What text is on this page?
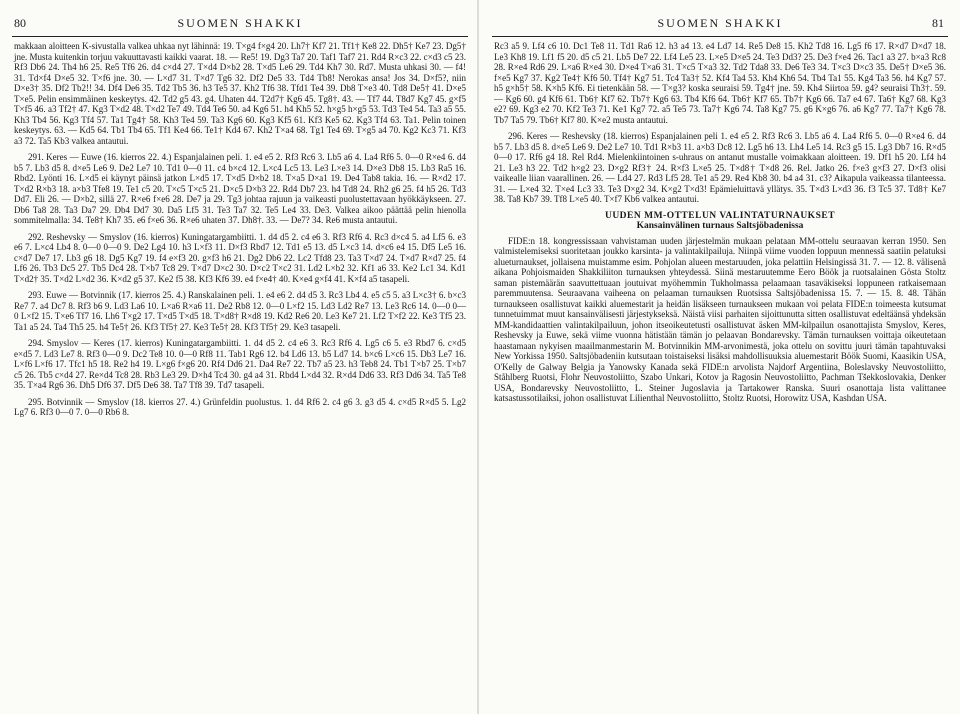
80	SUOMEN SHAKKI

makkaan aloitteen K-sivustalla valkea uhkaa nyt lähinnä: 19. T×g4 f×g4 20. Lh7† Kf7 21. Tf1† Ke8 22. Dh5† Ke7 23. Dg5† jne. Musta kuitenkin torjuu vakuuttavasti kaikki vaarat. 18. — Re5! 19. Dg3 Ta7 20. Taf1 Taf7 21. Rd4 R×c3 22. c×d3 c5 23. Rf3 Db6 24. Th4 h6 25. Re5 Tf6 26. d4 c×d4 27. T×d4 D×b2 28. T×d5 Le6 29. Td4 Kh7 30. Rd7. Musta uhkasi 30. — f4! 31. Td×f4 D×e5 32. T×f6 jne. 30. — L×d7 31. T×d7 Tg6 32. Df2 De5 33. Td4 Tb8! Nerokas ansa! Jos 34. D×f5?, niin D×e3† 35. Df2 Tb2!! 34. Df4 De6 35. Td2 Tb5 36. h3 Te5 37. Kh2 Tf6 38. Tfd1 Te4 39. Db8 T×e3 40. Td8 De5† 41. D×e5 T×e5. Pelin ensimmäinen keskeytys. 42. Td2 g5 43. g4. Uhaten 44. T2d7† Kg6 45. Tg8†. 43. — Tf7 44. T8d7 Kg7 45. g×f5 T×f5 46. a3 Tf2† 47. Kg3 T×d2 48. T×d2 Te7 49. Td4 Te6 50. a4 Kg6 51. h4 Kh5 52. h×g5 h×g5 53. Td3 Te4 54. Ta3 a5 55. Kh3 Tb4 56. Kg3 Tf4 57. Ta1 Tg4† 58. Kh3 Te4 59. Ta3 Kg6 60. Kg3 Kf5 61. Kf3 Ke5 62. Kg3 Tf4 63. Ta1. Pelin toinen keskeytys. 63. — Kd5 64. Tb1 Tb4 65. Tf1 Ke4 66. Te1† Kd4 67. Kh2 T×a4 68. Tg1 Te4 69. T×g5 a4 70. Kg2 Kc3 71. Kf3 a3 72. Ta5 Kb3 valkea antautui.

291. Keres — Euwe (16. kierros 22. 4.) Espanjalainen peli. 1. e4 e5 2. Rf3 Rc6 3. Lb5 a6 4. La4 Rf6 5. 0—0 R×e4 6. d4 b5 7. Lb3 d5 8. d×e5 Le6 9. De2 Le7 10. Td1 0—0 11. c4 b×c4 12. L×c4 Lc5 13. Le3 L×e3 14. D×e3 Db8 15. Lb3 Ra5 16. Rbd2. Lyönti 16. L×d5 ei käynyt päinsä jatkon L×d5 17. T×d5 D×b2 18. T×a5 D×a1 19. De4 Tab8 takia. 16. — R×d2 17. T×d2 R×b3 18. a×b3 Tfe8 19. Te1 c5 20. T×c5 T×c5 21. D×c5 D×b3 22. Rd4 Db7 23. h4 Td8 24. Rh2 g6 25. f4 h5 26. Td3 Dd7. Eli 26. — D×b2, sillä 27. R×e6 f×e6 28. De7 ja 29. Tg3 johtaa rajuun ja vaikeasti puolustettavaan hyökkäykseen. 27. Db6 Ta8 28. Ta3 Da7 29. Db4 Dd7 30. Da5 Lf5 31. Te3 Ta7 32. Te5 Le4 33. De3. Valkea aikoo päättää pelin hienolla sommitelmalla: 34. Te8† Kh7 35. e6 f×e6 36. R×e6 uhaten 37. Dh8†. 33. — De7? 34. Re6 musta antautui.

292. Reshevsky — Smyslov (16. kierros) Kuningatargambiitti. 1. d4 d5 2. c4 e6 3. Rf3 Rf6 4. Rc3 d×c4 5. a4 Lf5 6. e3 e6 7. L×c4 Lb4 8. 0—0 0—0 9. De2 Lg4 10. h3 L×f3 11. D×f3 Rbd7 12. Td1 e5 13. d5 L×c3 14. d×c6 e4 15. Df5 Le5 16. c×d7 De7 17. Lb3 g6 18. Dg5 Kg7 19. f4 e×f3 20. g×f3 h6 21. Dg2 Db6 22. Lc2 Tfd8 23. Ta3 T×d7 24. T×d7 R×d7 25. f4 Lf6 26. Tb3 Dc5 27. Tb5 Dc4 28. T×b7 Tc8 29. T×d7 D×c2 30. D×c2 T×c2 31. Ld2 L×b2 32. Kf1 a6 33. Ke2 Lc1 34. Kd1 T×d2† 35. T×d2 L×d2 36. K×d2 g5 37. Ke2 f5 38. Kf3 Kf6 39. e4 f×e4† 40. K×e4 g×f4 41. K×f4 a5 tasapeli.

293. Euwe — Botvinnik (17. kierros 25. 4.) Ranskalainen peli. 1. e4 e6 2. d4 d5 3. Rc3 Lb4 4. e5 c5 5. a3 L×c3† 6. b×c3 Re7 7. a4 Dc7 8. Rf3 b6 9. Ld3 La6 10. L×a6 R×a6 11. De2 Rb8 12. 0—0 L×f2 15. Ld3 Ld2 Re7 13. Le3 Rc6 14. 0—0 0—0 L×f2 15. T×e6 Tf7 16. Lh6 T×g2 17. T×d5 T×d5 18. T×d8† R×d8 19. Kd2 Re6 20. Le3 Ke7 21. Lf2 T×f2 22. Ke3 Tf5 23. Ta1 a5 24. Ta4 Th5 25. h4 Te5† 26. Kf3 Tf5† 27. Ke3 Te5† 28. Kf3 Tf5† 29. Ke3 tasapeli.

294. Smyslov — Keres (17. kierros) Kuningatargambiitti. 1. d4 d5 2. c4 e6 3. Rc3 Rf6 4. Lg5 c6 5. e3 Rbd7 6. c×d5 e×d5 7. Ld3 Le7 8. Rf3 0—0 9. Dc2 Te8 10. 0—0 Rf8 11. Tab1 Rg6 12. b4 Ld6 13. b5 Ld7 14. b×c6 L×c6 15. Db3 Le7 16. L×f6 L×f6 17. Tfc1 h5 18. Re2 h4 19. L×g6 f×g6 20. Rf4 Dd6 21. Da4 Re7 22. Tb7 a5 23. h3 Teb8 24. Tb1 T×b7 25. T×b7 c5 26. Tb5 c×d4 27. Re×d4 Tc8 28. Rb3 Le3 29. D×h4 Tc4 30. g4 a4 31. Rbd4 L×d4 32. R×d4 Dd6 33. Rf3 Dd6 34. Ta5 Te8 35. T×a4 Rg6 36. Dh5 Df6 37. Df5 De6 38. Ta7 Tf8 39. Td7 tasapeli.

295. Botvinnik — Smyslov (18. kierros 27. 4.) Grünfeldin puolustus. 1. d4 Rf6 2. c4 g6 3. g3 d5 4. c×d5 R×d5 5. Lg2 Lg7 6. Rf3 0—0 7. 0—0 Rb6 8.

SUOMEN SHAKKI	81

Rc3 a5 9. Lf4 c6 10. Dc1 Te8 11. Td1 Ra6 12. h3 a4 13. e4 Ld7 14. Re5 De8 15. Kh2 Td8 16. Lg5 f6 17. R×d7 D×d7 18. Le3 Kh8 19. Lf1 f5 20. d5 c5 21. Lb5 De7 22. Lf4 Le5 23. L×e5 D×e5 24. Te3 Dd3? 25. De3 f×e4 26. Tac1 a3 27. b×a3 Rc8 28. R×e4 Rd6 29. L×a6 R×e4 30. D×e4 T×a6 31. T×c5 T×a3 32. Td2 Tda8 33. De6 Te3 34. T×c3 D×c3 35. De5† D×e5 36. f×e5 Kg7 37. Kg2 Te4† Kf6 50. Tf4† Kg7 51. Tc4 Ta3† 52. Kf4 Ta4 53. Kh4 Kh6 54. Tb4 Ta1 55. Kg4 Ta3 56. h4 Kg7 57. h5 g×h5† 58. K×h5 Kf6. Ei tietenkään 58. — T×g3? koska seuraisi 59. Tg4† jne. 59. Kh4 Siirtoa 59. g4? seuraisi Th3†. 59. — Kg6 60. g4 Kf6 61. Tb6† Kf7 62. Tb7† Kg6 63. Tb4 Kf6 64. Tb6† Kf7 65. Tb7† Kg6 66. Ta7 e4 67. Ta6† Kg7 68. Kg3 e2? 69. Kg3 e2 70. Kf2 Te3 71. Ke1 Kg7 72. a5 Te5 73. Ta7† Kg6 74. Ta8 Kg7 75. g6 K×g6 76. a6 Kg7 77. Ta7† Kg6 78. Tb7 Ta5 79. Tb6† Kf7 80. K×e2 musta antautui.

296. Keres — Reshevsky (18. kierros) Espanjalainen peli 1. e4 e5 2. Rf3 Rc6 3. Lb5 a6 4. La4 Rf6 5. 0—0 R×e4 6. d4 b5 7. Lb3 d5 8. d×e5 Le6 9. De2 Le7 10. Td1 R×b3 11. a×b3 Dc8 12. Lg5 h6 13. Lh4 Le5 14. Rc3 g5 15. Lg3 Db7 16. R×d5 0—0 17. Rf6 g4 18. Rel Rd4. Mielenkiintoinen s-uhraus on antanut mustalle voimakkaan aloitteen. 19. Df1 h5 20. Lf4 h4 21. Le3 h3 22. Td2 h×g2 23. D×g2 Rf3† 24. R×f3 L×e5 25. T×d8† T×d8 26. Rel. Jatko 26. f×e3 g×f3 27. D×f3 olisi vaikealle liian vaarallinen. 26. — Ld4 27. Rd3 Lf5 28. Te1 a5 29. Re4 Kb8 30. b4 a4 31. c3? Aikapula vaikeassa tilanteessa. 31. — L×e4 32. T×e4 Lc3 33. Te3 D×g2 34. K×g2 T×d3! Epämieluittavä yllätys. 35. T×d3 L×d3 36. f3 Tc5 37. Td8† Ke7 38. Ta8 Kb7 39. Tf8 L×e5 40. T×f7 Kb6 valkea antautui.

UUDEN MM-OTTELUN VALINTATURNAUKSET
Kansainvälinen turnaus Saltsjöbadenissa

FIDE:n 18. kongressissaan vahvistaman uuden järjestelmän mukaan pelataan MM-ottelu seuraavan kerran 1950. Sen valmistelemiseksi suoritetaan joukko karsinta- ja valintakilpailuja. Niinpä viime vuoden loppuun mennessä saatiin pelatuksi alueturnaukset, jollaisena muistamme esim. Pohjolan alueen mestaruuden, joka pelattiin Helsingissä 31. 7. — 12. 8. välisenä aikana Pohjoismaiden Shakkiliiton turnauksen yhteydessä. Siinä mestaruutemme Eero Böök ja ruotsalainen Gösta Stoltz saman pistemäärän saavuttettuaan joutuivat myöhemmin Tukholmassa pelaamaan tasaväkiseksi loppuneen ratkaisemaan paremmuutensa. Seuraavana vaiheena on pelaaman turnauksen Ruotsissa Saltsjöbadenissa 15. 7. — 15. 8. 48. Tähän turnaukseen osallistuvat kaikki aluemestarit ja heidän lisäkseen turnaukseen mukaan voi pelata FIDE:n toimeesta kutsumat tunnetuimmat muut kansainvälisesti järjestykseksä. Näistä viisi parhaiten sijoittunutta sitten osallistuvat edeltäänsä yhdeksän MM-kandidaattien valintakilpailuun, johon itseoikeutetusti osallistuvat äsken MM-kilpailun osanottajista Smyslov, Keres, Reshevsky ja Euwe, sekä viime vuonna hätistään tämän jo pelaavan Bondarevsky. Tämän turnauksen voittaja oikeutetaan haastamaan nykyisen maailmanmestarin M. Botvinnikin MM-arvonimestä, joka ottelu on sovittu juuri tämän tapahtuvaksi New Yorkissa 1950. Saltsjöbadeniin kutsutaan toistaiseksi lisäksi mahdollisuuksia aluemestarit Böök Suomi, Kaasikin USA, O'Kelly de Galway Belgia ja Yanowsky Kanada sekä FIDE:n arvolista Najdorf Argentiina, Boleslavsky Neuvostoliitto, Ståhlberg Ruotsi, Flohr Neuvostoliitto, Szabo Unkari, Kotov ja Ragosin Neuvostoliitto, Pachman Tšekkoslovakia, Denker USA, Bondarevsky Neuvostoliitto, L. Steiner Jugoslavia ja Tartakower Ranska. Suuri osanottaja lista valittanee katsastussotilaiksi, johon osallistuvat Lilienthal Neuvostoliitto, Stoltz Ruotsi, Horowitz USA, Kashdan USA.
